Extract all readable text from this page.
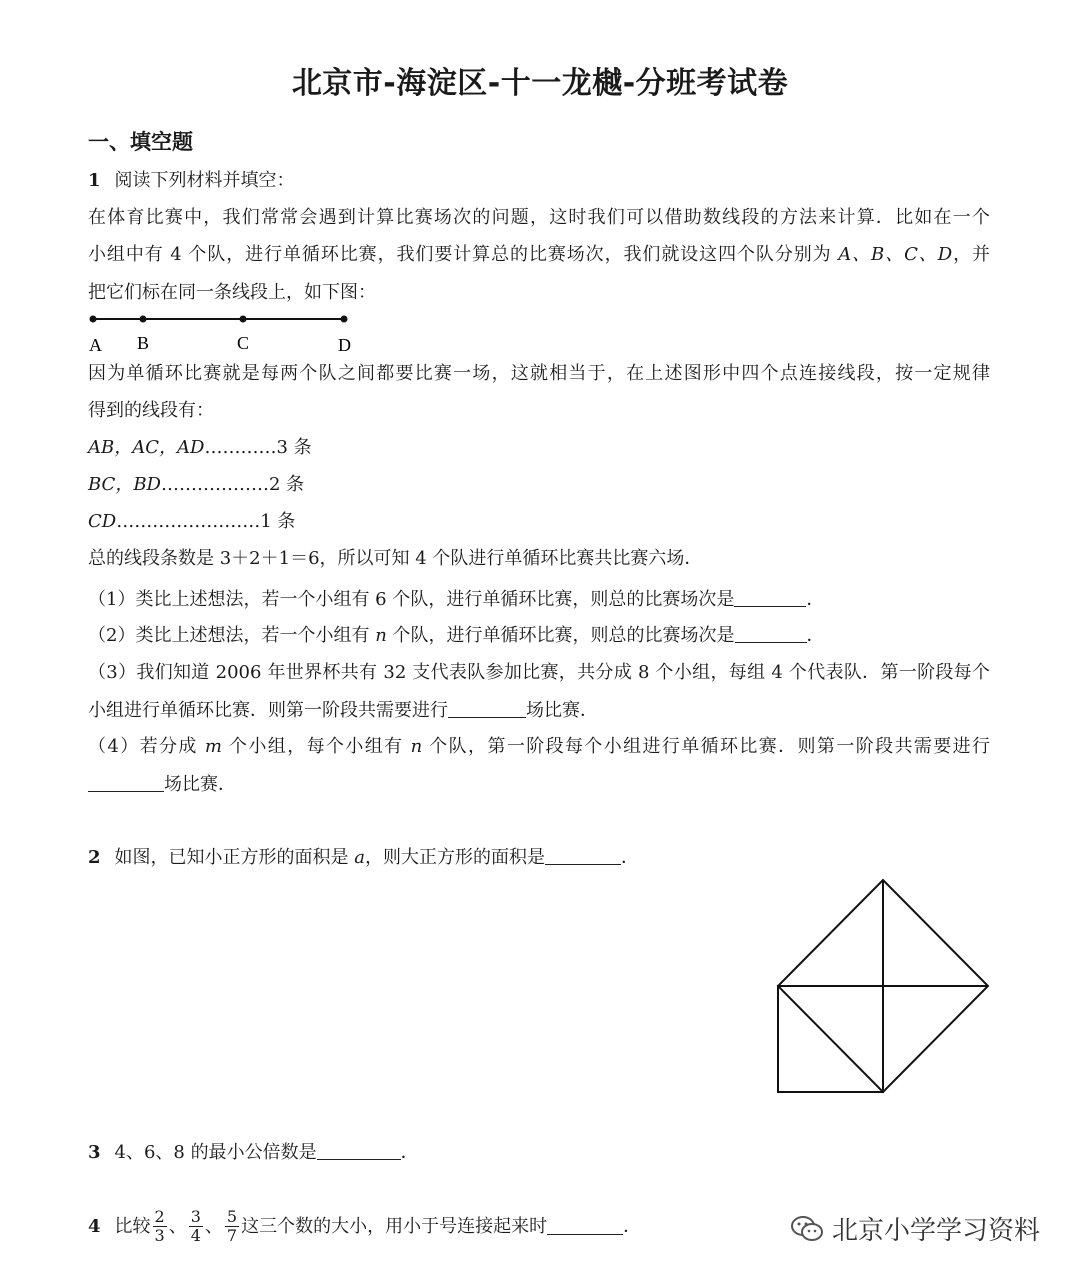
北京市-海淀区-十一龙樾-分班考试卷
一、填空题
1 阅读下列材料并填空：
在体育比赛中，我们常常会遇到计算比赛场次的问题，这时我们可以借助数线段的方法来计算．比如在一个
小组中有 4 个队，进行单循环比赛，我们要计算总的比赛场次，我们就设这四个队分别为 A、B、C、D，并
把它们标在同一条线段上，如下图：
A B	C	D
因为单循环比赛就是每两个队之间都要比赛一场，这就相当于，在上述图形中四个点连接线段，按一定规律
得到的线段有：
AB，AC，AD…………3 条
BC，BD………………2 条
CD……………………1 条
总的线段条数是 3＋2＋1＝6，所以可知 4 个队进行单循环比赛共比赛六场．
（1）类比上述想法，若一个小组有 6 个队，进行单循环比赛，则总的比赛场次是	．
（2）类比上述想法，若一个小组有 n 个队，进行单循环比赛，则总的比赛场次是	．
（3）我们知道 2006 年世界杯共有 32 支代表队参加比赛，共分成 8 个小组，每组 4 个代表队．第一阶段每个
小组进行单循环比赛．则第一阶段共需要进行	场比赛．
（4）若分成 m 个小组，每个小组有 n 个队，第一阶段每个小组进行单循环比赛．则第一阶段共需要进行
场比赛．
2 如图，已知小正方形的面积是 a，则大正方形的面积是	．
3 4、6、8 的最小公倍数是	．
4 比较 $\frac{2}{3}$ 、 $\frac{3}{4}$ 、 $\frac{5}{7}$ 这三个数的大小，用小于号连接起来时	．	北京小学学习资料
